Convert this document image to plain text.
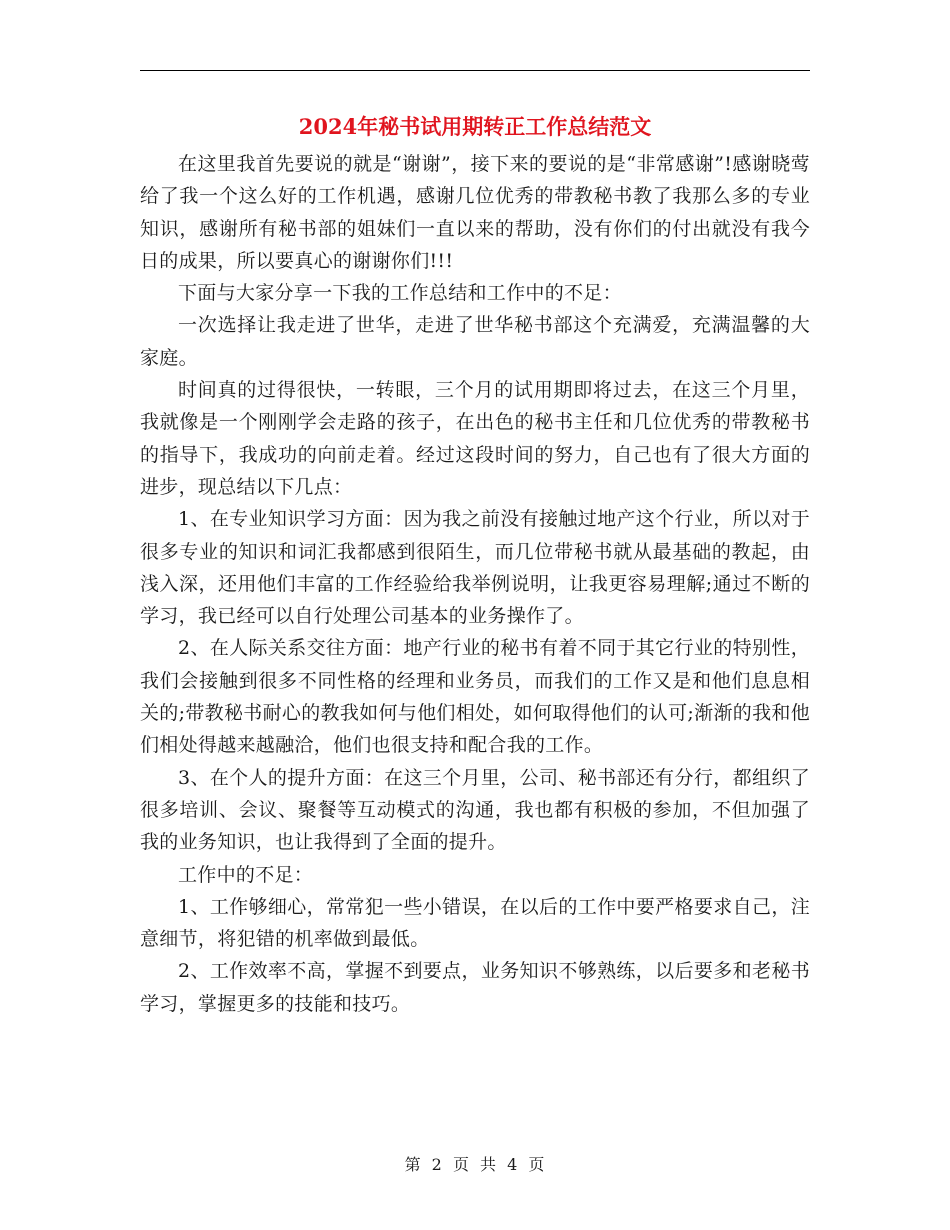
2024年秘书试用期转正工作总结范文

在这里我首先要说的就是“谢谢”，接下来的要说的是“非常感谢”!感谢晓莺给了我一个这么好的工作机遇，感谢几位优秀的带教秘书教了我那么多的专业知识，感谢所有秘书部的姐妹们一直以来的帮助，没有你们的付出就没有我今日的成果，所以要真心的谢谢你们!!!

下面与大家分享一下我的工作总结和工作中的不足：

一次选择让我走进了世华，走进了世华秘书部这个充满爱，充满温馨的大家庭。

时间真的过得很快，一转眼，三个月的试用期即将过去，在这三个月里，我就像是一个刚刚学会走路的孩子，在出色的秘书主任和几位优秀的带教秘书的指导下，我成功的向前走着。经过这段时间的努力，自己也有了很大方面的进步，现总结以下几点：

1、在专业知识学习方面：因为我之前没有接触过地产这个行业，所以对于很多专业的知识和词汇我都感到很陌生，而几位带秘书就从最基础的教起，由浅入深，还用他们丰富的工作经验给我举例说明，让我更容易理解;通过不断的学习，我已经可以自行处理公司基本的业务操作了。

2、在人际关系交往方面：地产行业的秘书有着不同于其它行业的特别性，我们会接触到很多不同性格的经理和业务员，而我们的工作又是和他们息息相关的;带教秘书耐心的教我如何与他们相处，如何取得他们的认可;渐渐的我和他们相处得越来越融洽，他们也很支持和配合我的工作。

3、在个人的提升方面：在这三个月里，公司、秘书部还有分行，都组织了很多培训、会议、聚餐等互动模式的沟通，我也都有积极的参加，不但加强了我的业务知识，也让我得到了全面的提升。

工作中的不足：

1、工作够细心，常常犯一些小错误，在以后的工作中要严格要求自己，注意细节，将犯错的机率做到最低。

2、工作效率不高，掌握不到要点，业务知识不够熟练，以后要多和老秘书学习，掌握更多的技能和技巧。

第 2 页 共 4 页
